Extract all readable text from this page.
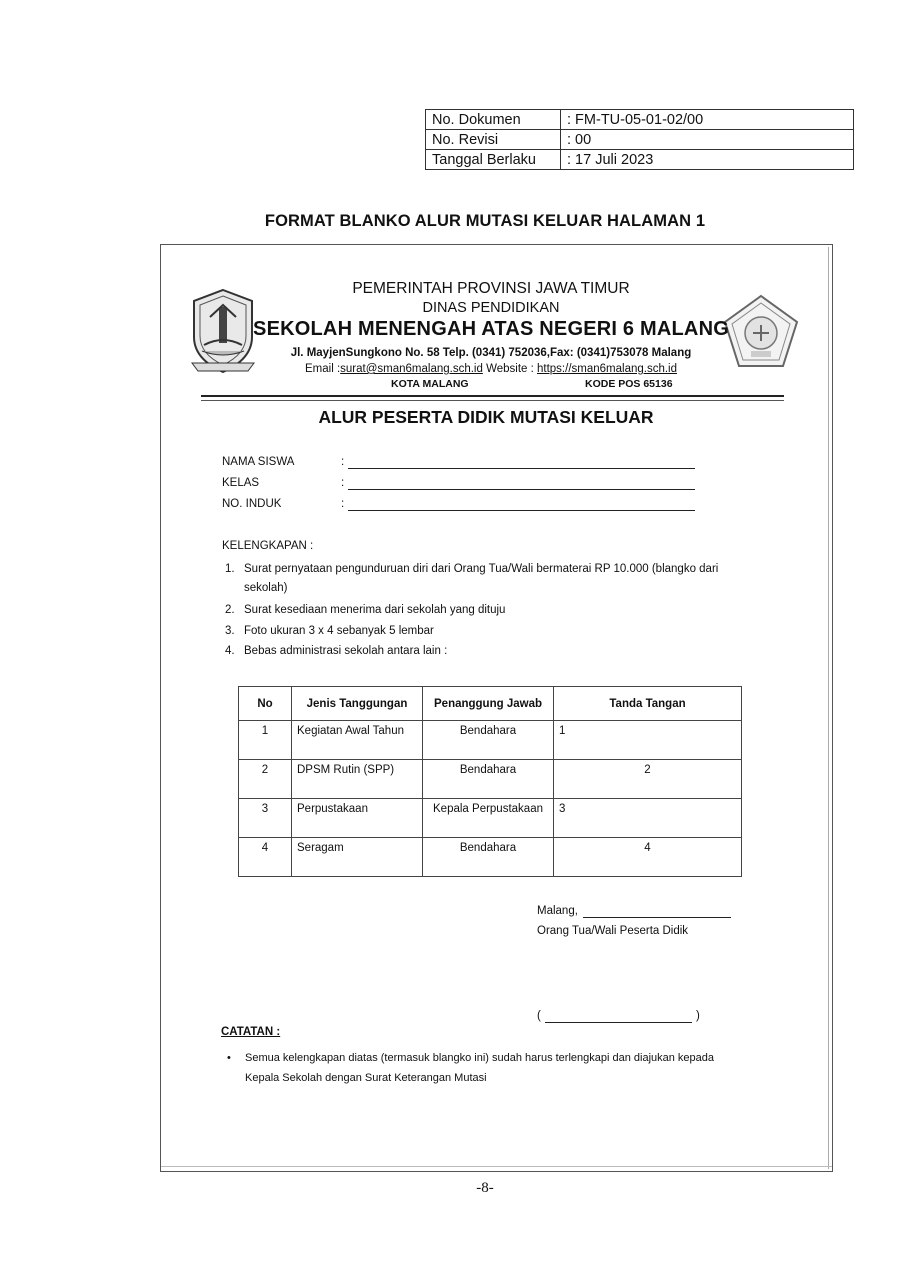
No. Dokumen	: FM-TU-05-01-02/00
No. Revisi	: 00
Tanggal Berlaku	: 17 Juli 2023
FORMAT BLANKO ALUR MUTASI KELUAR HALAMAN 1
PEMERINTAH PROVINSI JAWA TIMUR
DINAS PENDIDIKAN
SEKOLAH MENENGAH ATAS NEGERI 6 MALANG
Jl. MayjenSungkono No. 58 Telp. (0341) 752036,Fax: (0341)753078 Malang
Email :surat@sman6malang.sch.id Website : https://sman6malang.sch.id
KOTA MALANG	KODE POS 65136
ALUR PESERTA DIDIK MUTASI KELUAR
NAMA SISWA	:
KELAS	:
NO. INDUK	:
KELENGKAPAN :
1. Surat pernyataan pengunduruan diri dari Orang Tua/Wali bermaterai RP 10.000 (blangko dari
sekolah)
2. Surat kesediaan menerima dari sekolah yang dituju
3. Foto ukuran 3 x 4 sebanyak 5 lembar
4. Bebas administrasi sekolah antara lain :
No	Jenis Tanggungan	Penanggung Jawab	Tanda Tangan
1	Kegiatan Awal Tahun	Bendahara	1
2	DPSM Rutin (SPP)	Bendahara	2
3	Perpustakaan	Kepala Perpustakaan	3
4	Seragam	Bendahara	4
Malang,
Orang Tua/Wali Peserta Didik
(	)
CATATAN :
• Semua kelengkapan diatas (termasuk blangko ini) sudah harus terlengkapi dan diajukan kepada Kepala Sekolah dengan Surat Keterangan Mutasi
-8-
